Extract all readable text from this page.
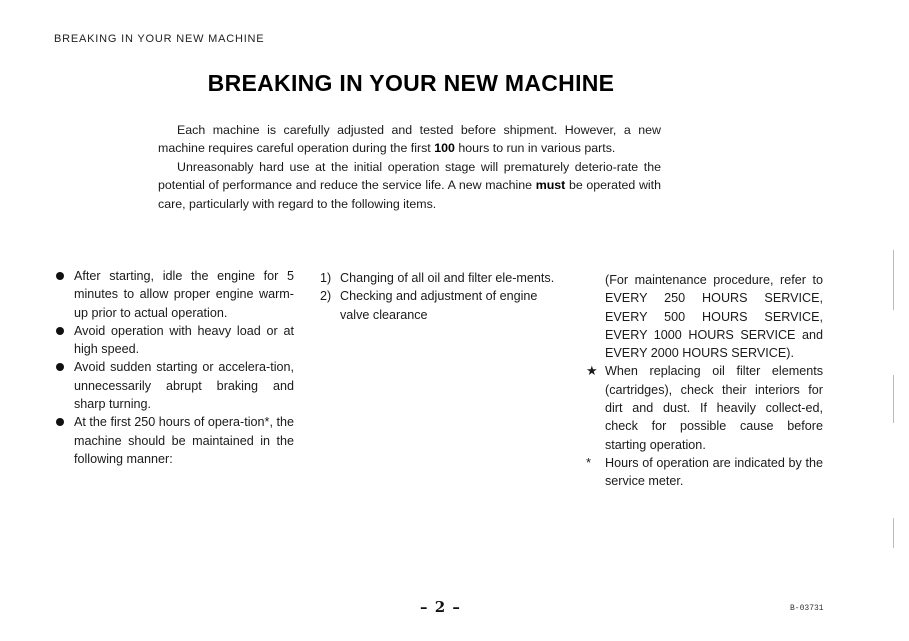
BREAKING IN YOUR NEW MACHINE
BREAKING IN YOUR NEW MACHINE

Each machine is carefully adjusted and tested before shipment. However, a new machine requires careful operation during the first 100 hours to run in various parts.

Unreasonably hard use at the initial operation stage will prematurely deterio-rate the potential of performance and reduce the service life. A new machine must be operated with care, particularly with regard to the following items.

After starting, idle the engine for 5 minutes to allow proper engine warm-up prior to actual operation.
Avoid operation with heavy load or at high speed.
Avoid sudden starting or accelera-tion, unnecessarily abrupt braking and sharp turning.
At the first 250 hours of opera-tion*, the machine should be maintained in the following manner:
1) Changing of all oil and filter ele-ments.
2) Checking and adjustment of engine valve clearance
(For maintenance procedure, refer to EVERY 250 HOURS SERVICE, EVERY 500 HOURS SERVICE, EVERY 1000 HOURS SERVICE and EVERY 2000 HOURS SERVICE).
★ When replacing oil filter elements (cartridges), check their interiors for dirt and dust. If heavily collect-ed, check for possible cause before starting operation.
* Hours of operation are indicated by the service meter.
– 2 –	B-03731
